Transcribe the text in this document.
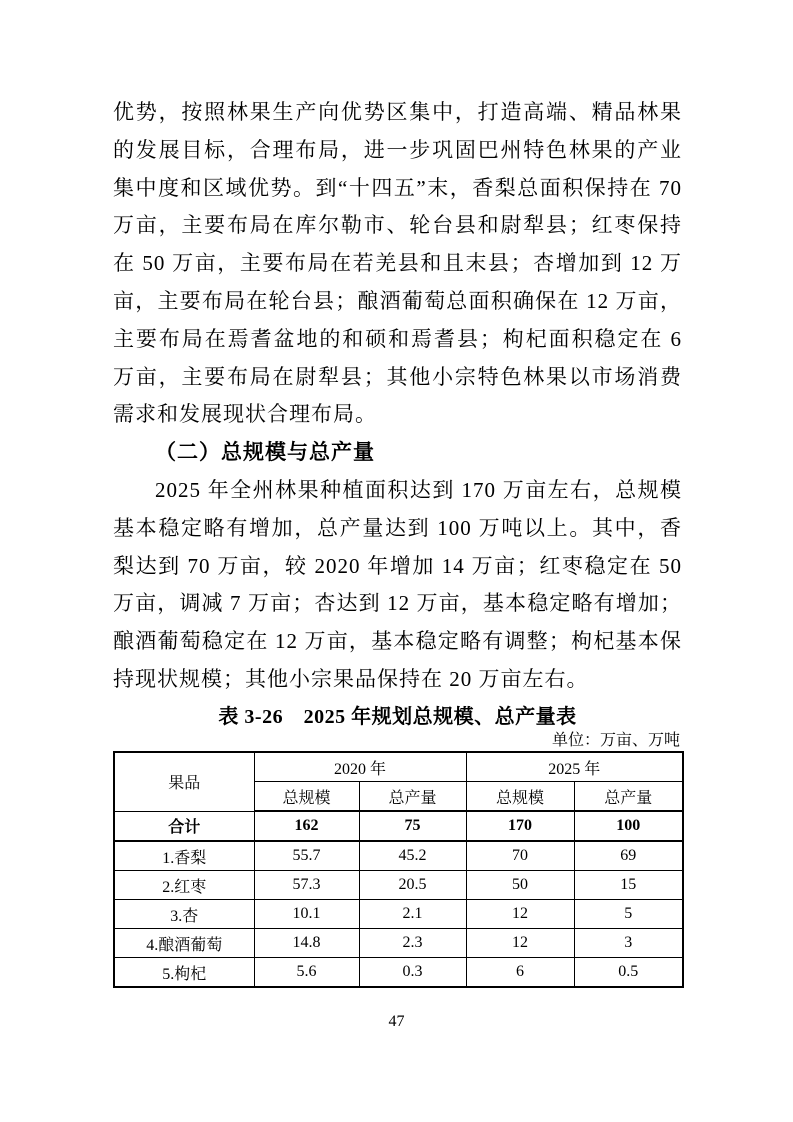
优势，按照林果生产向优势区集中，打造高端、精品林果的发展目标，合理布局，进一步巩固巴州特色林果的产业集中度和区域优势。到“十四五”末，香梨总面积保持在 70 万亩，主要布局在库尔勒市、轮台县和尉犁县；红枣保持在 50 万亩，主要布局在若羌县和且末县；杏增加到 12 万亩，主要布局在轮台县；酿酒葡萄总面积确保在 12 万亩，主要布局在焉耆盆地的和硕和焉耆县；枸杞面积稳定在 6 万亩，主要布局在尉犁县；其他小宗特色林果以市场消费需求和发展现状合理布局。

（二）总规模与总产量

2025 年全州林果种植面积达到 170 万亩左右，总规模基本稳定略有增加，总产量达到 100 万吨以上。其中，香梨达到 70 万亩，较 2020 年增加 14 万亩；红枣稳定在 50 万亩，调减 7 万亩；杏达到 12 万亩，基本稳定略有增加；酿酒葡萄稳定在 12 万亩，基本稳定略有调整；枸杞基本保持现状规模；其他小宗果品保持在 20 万亩左右。

表 3-26　2025 年规划总规模、总产量表
单位：万亩、万吨
果品	2020 年		2025 年	
	总规模	总产量	总规模	总产量
合计	162	75	170	100
1.香梨	55.7	45.2	70	69
2.红枣	57.3	20.5	50	15
3.杏	10.1	2.1	12	5
4.酿酒葡萄	14.8	2.3	12	3
5.枸杞	5.6	0.3	6	0.5
47
